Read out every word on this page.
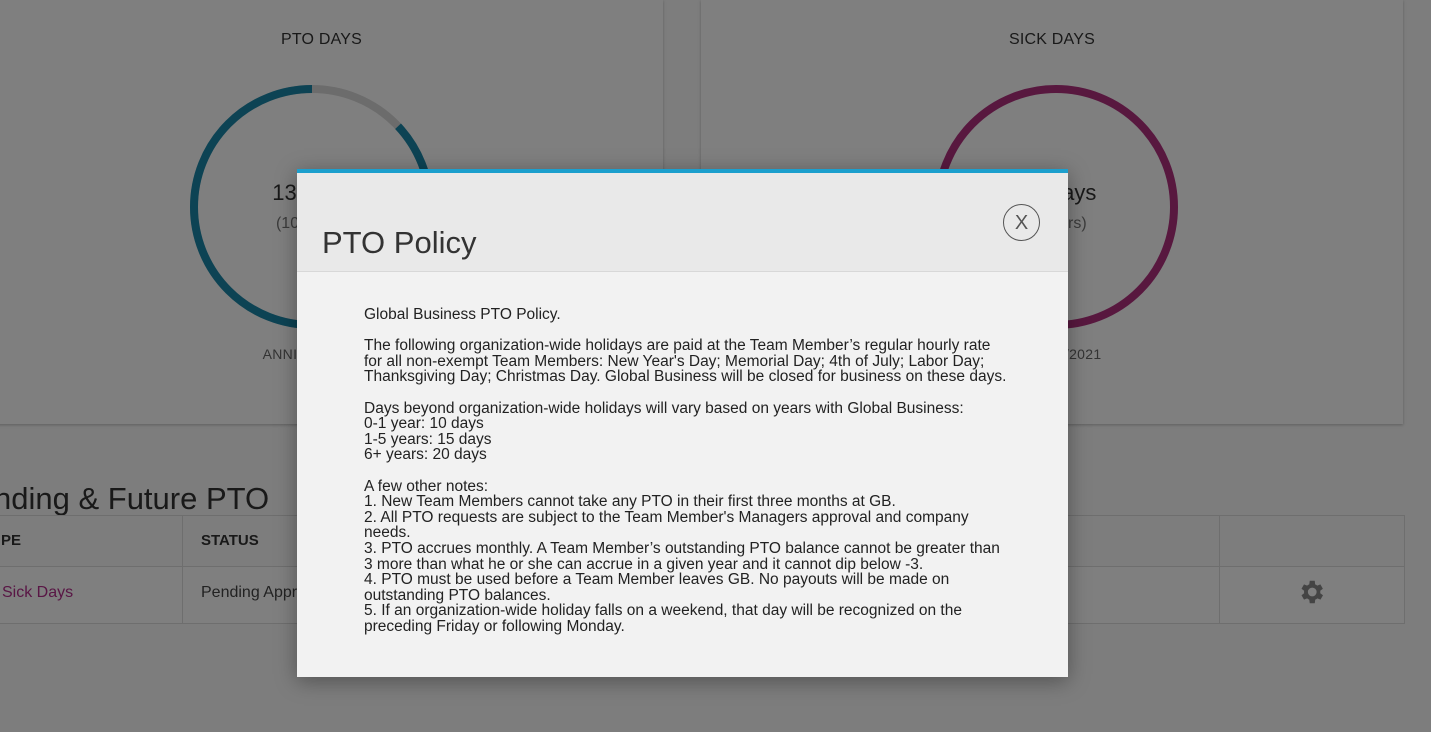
PTO Policy
X

Global Business PTO Policy.

The following organization-wide holidays are paid at the Team Member’s regular hourly rate
for all non-exempt Team Members: New Year's Day; Memorial Day; 4th of July; Labor Day;
Thanksgiving Day; Christmas Day. Global Business will be closed for business on these days.

Days beyond organization-wide holidays will vary based on years with Global Business:
0-1 year: 10 days
1-5 years: 15 days
6+ years: 20 days

A few other notes:
1. New Team Members cannot take any PTO in their first three months at GB.
2. All PTO requests are subject to the Team Member's Managers approval and company
needs.
3. PTO accrues monthly. A Team Member’s outstanding PTO balance cannot be greater than
3 more than what he or she can accrue in a given year and it cannot dip below -3.
4. PTO must be used before a Team Member leaves GB. No payouts will be made on
outstanding PTO balances.
5. If an organization-wide holiday falls on a weekend, that day will be recognized on the
preceding Friday or following Monday.
